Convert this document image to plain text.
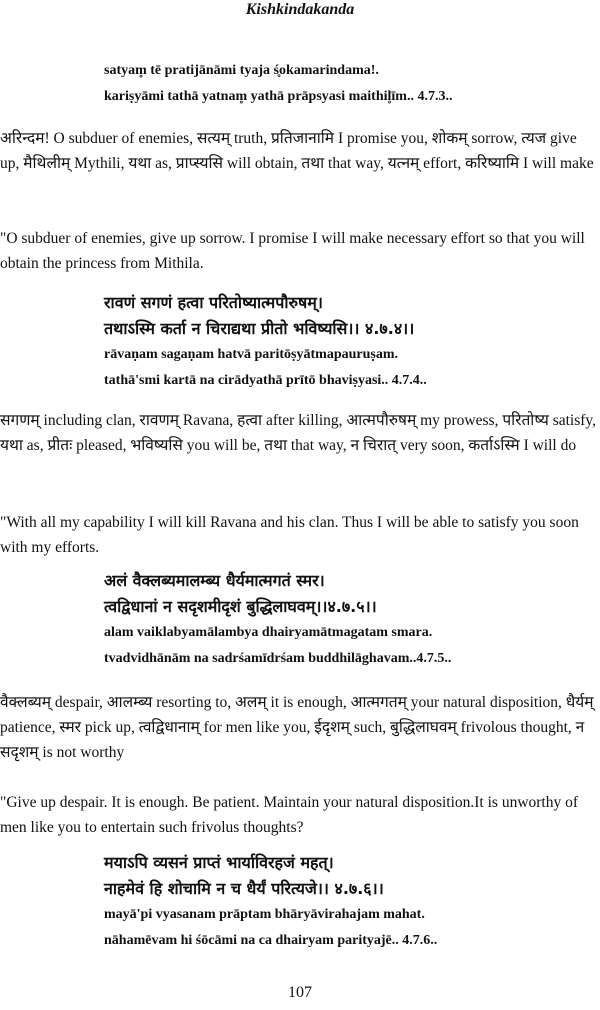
Kishkindakanda
satyam̥ tē pratijānāmi tyaja ś̥okamarindama!.
kariṣyāmi tathā yatnam̥ yathā prāpsyasi maithil̥īm.. 4.7.3..
अरिन्दम! O subduer of enemies, सत्यम् truth, प्रतिजानामि I promise you, शोकम् sorrow, त्यज give up, मैथिलीम् Mythili, यथा as, प्राप्स्यसि will obtain, तथा that way, यत्नम् effort, करिष्यामि I will make
"O subduer of enemies, give up sorrow. I promise I will make necessary effort so that you will obtain the princess from Mithila.
रावणं सगणं हत्वा परितोष्यात्मपौरुषम्।
तथाऽस्मि कर्ता न चिराद्यथा प्रीतो भविष्यसि।। ४.७.४।।
rāvaṇam sagaṇam hatvā paritōṣyātmapauruṣam.
tathā'smi kartā na cirādyathā prītō bhaviṣyasi.. 4.7.4..
सगणम् including clan, रावणम् Ravana, हत्वा after killing, आत्मपौरुषम् my prowess, परितोष्य satisfy, यथा as, प्रीतः pleased, भविष्यसि you will be, तथा that way, न चिरात् very soon, कर्ताऽस्मि I will do
"With all my capability I will kill Ravana and his clan. Thus I will be able to satisfy you soon with my efforts.
अलं वैक्लब्यमालम्ब्य धैर्यमात्मगतं स्मर।
त्वद्विधानां न सदृशमीदृशं बुद्धिलाघवम्।।४.७.५।।
alam vaiklabyamālambya dhairyamātmagatam smara.
tvadvidhānām na sadrśamīdrśam buddhilāghavam..4.7.5..
वैक्लब्यम् despair, आलम्ब्य resorting to, अलम् it is enough, आत्मगतम् your natural disposition, धैर्यम् patience, स्मर pick up, त्वद्विधानाम् for men like you, ईदृशम् such, बुद्धिलाघवम् frivolous thought, न सदृशम् is not worthy
"Give up despair. It is enough. Be patient. Maintain your natural disposition.It is unworthy of men like you to entertain such frivolus thoughts?
मयाऽपि व्यसनं प्राप्तं भार्याविरहजं महत्।
नाहमेवं हि शोचामि न च धैर्यं परित्यजे।। ४.७.६।।
mayā'pi vyasanam prāptam bhāryāvirahajam mahat.
nāhamēvam hi śōcāmi na ca dhairyam parityajē.. 4.7.6..
107
